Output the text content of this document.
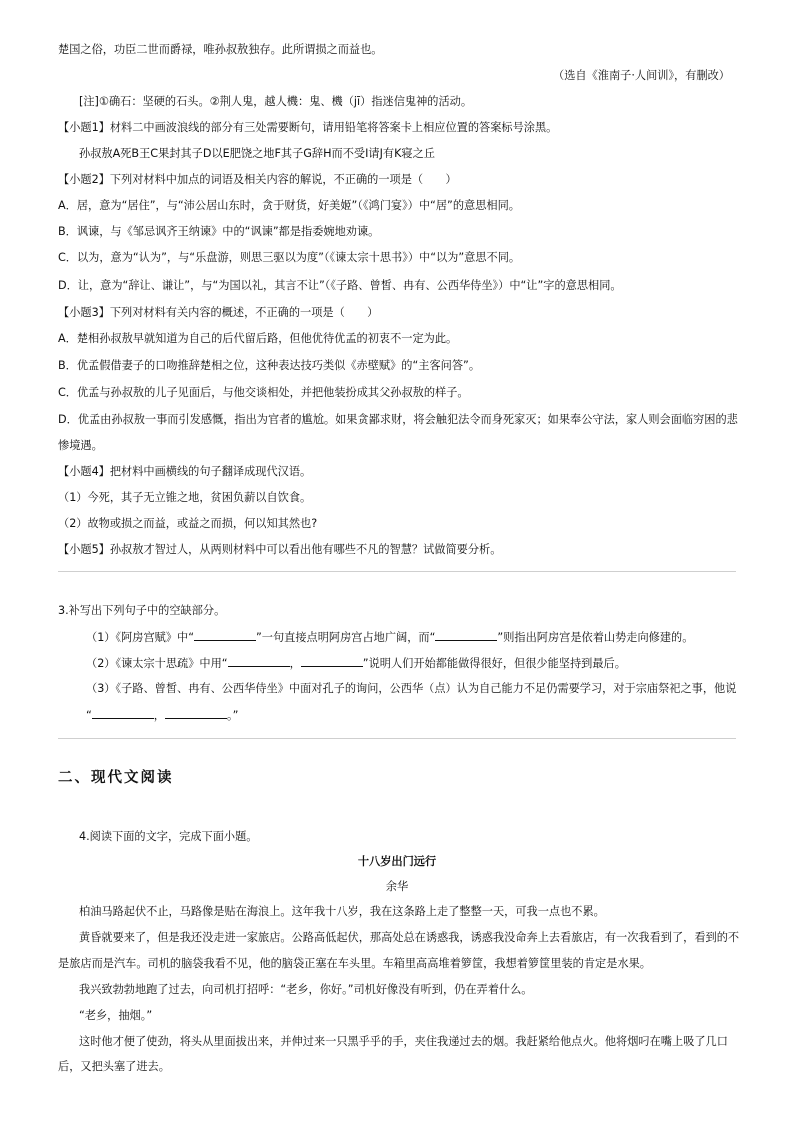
楚国之俗，功臣二世而爵禄，唯孙叔敖独存。此所谓损之而益也。
（选自《淮南子·人间训》，有删改）
[注]①确石：坚硬的石头。②荆人鬼，越人機：鬼、機（jī）指迷信鬼神的活动。
【小题1】材料二中画波浪线的部分有三处需要断句，请用铅笔将答案卡上相应位置的答案标号涂黑。
孙叔敖A死B王C果封其子D以E肥饶之地F其子G辞H而不受I请J有K寝之丘
【小题2】下列对材料中加点的词语及相关内容的解说，不正确的一项是（　　）
A．居，意为“居住”，与“沛公居山东时，贪于财货，好美姬”（《鸿门宴》）中“居”的意思相同。
B．讽谏，与《邹忌讽齐王纳谏》中的“讽谏”都是指委婉地劝谏。
C．以为，意为“认为”，与“乐盘游，则思三驱以为度”（《谏太宗十思书》）中“以为”意思不同。
D．让，意为“辞让、谦让”，与“为国以礼，其言不让”（《子路、曾皙、冉有、公西华侍坐》）中“让”字的意思相同。
【小题3】下列对材料有关内容的概述，不正确的一项是（　　）
A．楚相孙叔敖早就知道为自己的后代留后路，但他优待优孟的初衷不一定为此。
B．优孟假借妻子的口吻推辞楚相之位，这种表达技巧类似《赤壁赋》的“主客问答”。
C．优孟与孙叔敖的儿子见面后，与他交谈相处，并把他装扮成其父孙叔敖的样子。
D．优孟由孙叔敖一事而引发感慨，指出为官者的尴尬。如果贪鄙求财，将会触犯法令而身死家灭；如果奉公守法，家人则会面临穷困的悲
惨境遇。
【小题4】把材料中画横线的句子翻译成现代汉语。
（1）今死，其子无立锥之地，贫困负薪以自饮食。
（2）故物或损之而益，或益之而损，何以知其然也?
【小题5】孙叔敖才智过人，从两则材料中可以看出他有哪些不凡的智慧？试做简要分析。
3.补写出下列句子中的空缺部分。
（1）《阿房宫赋》中“	”一句直接点明阿房宫占地广阔，而“	”则指出阿房宫是依着山势走向修建的。
（2）《谏太宗十思疏》中用“	，	”说明人们开始都能做得很好，但很少能坚持到最后。
（3）《子路、曾皙、冉有、公西华侍坐》中面对孔子的询问，公西华（点）认为自己能力不足仍需要学习，对于宗庙祭祀之事，他说
“	，	。”
二、现代文阅读
4.阅读下面的文字，完成下面小题。
十八岁出门远行
余华
柏油马路起伏不止，马路像是贴在海浪上。这年我十八岁，我在这条路上走了整整一天，可我一点也不累。
黄昏就要来了，但是我还没走进一家旅店。公路高低起伏，那高处总在诱惑我，诱惑我没命奔上去看旅店，有一次我看到了，看到的不
是旅店而是汽车。司机的脑袋我看不见，他的脑袋正塞在车头里。车箱里高高堆着箩筐，我想着箩筐里装的肯定是水果。
我兴致勃勃地跑了过去，向司机打招呼：“老乡，你好。”司机好像没有听到，仍在弄着什么。
“老乡，抽烟。”
这时他才便了使劲，将头从里面拔出来，并伸过来一只黑乎乎的手，夹住我递过去的烟。我赶紧给他点火。他将烟叼在嘴上吸了几口
后，又把头塞了进去。
